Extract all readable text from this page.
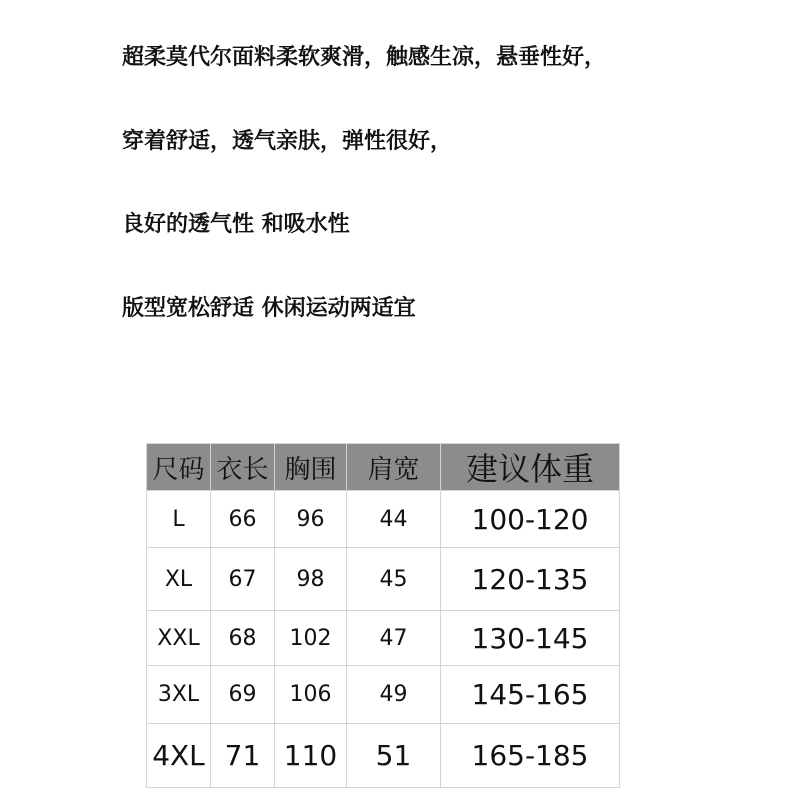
超柔莫代尔面料柔软爽滑，触感生凉，悬垂性好，
穿着舒适，透气亲肤，弹性很好，
良好的透气性 和吸水性
版型宽松舒适 休闲运动两适宜
尺码	衣长	胸围	肩宽	建议体重
L	66	96	44	100-120
XL	67	98	45	120-135
XXL	68	102	47	130-145
3XL	69	106	49	145-165
4XL	71	110	51	165-185
